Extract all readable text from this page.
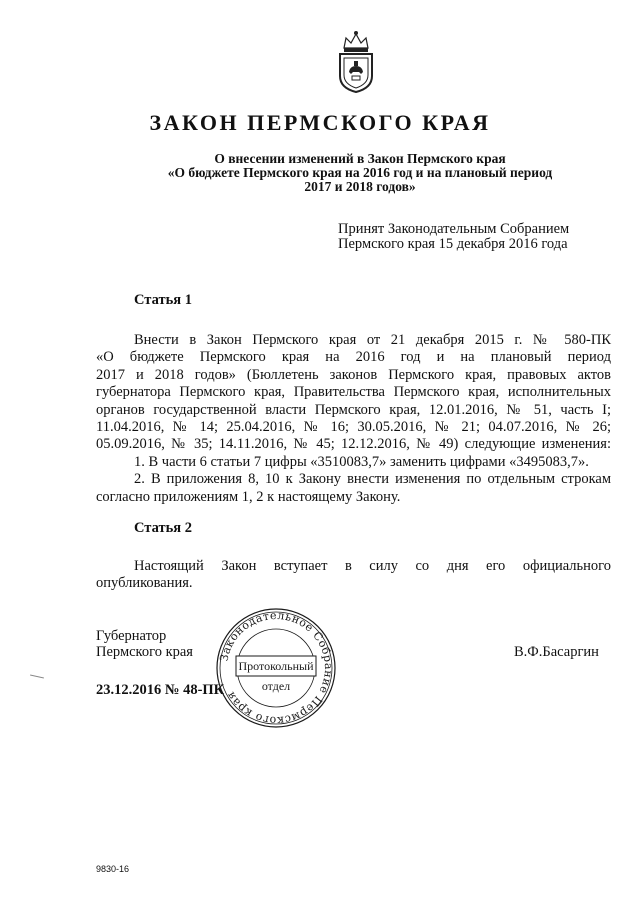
ЗАКОН ПЕРМСКОГО КРАЯ
О внесении изменений в Закон Пермского края
«О бюджете Пермского края на 2016 год и на плановый период
2017 и 2018 годов»
Принят Законодательным Собранием
Пермского края 15 декабря 2016 года
Статья 1

Внести в Закон Пермского края от 21 декабря 2015 г. № 580-ПК

«О бюджете Пермского края на 2016 год и на плановый период

2017 и 2018 годов» (Бюллетень законов Пермского края, правовых актов

губернатора Пермского края, Правительства Пермского края, исполнительных

органов государственной власти Пермского края, 12.01.2016, № 51, часть I;

11.04.2016, № 14; 25.04.2016, № 16; 30.05.2016, № 21; 04.07.2016, № 26;

05.09.2016, № 35; 14.11.2016, № 45; 12.12.2016, № 49) следующие изменения:

1. В части 6 статьи 7 цифры «3510083,7» заменить цифрами «3495083,7».

2. В приложения 8, 10 к Закону внести изменения по отдельным строкам

согласно приложениям 1, 2 к настоящему Закону.

Статья 2

Настоящий Закон вступает в силу со дня его официального

опубликования.

Губернатор
Пермского края	В.Ф.Басаргин
23.12.2016 № 48-ПК
Законодательное Собрание Пермского края
Протокольный
отдел
9830-16
